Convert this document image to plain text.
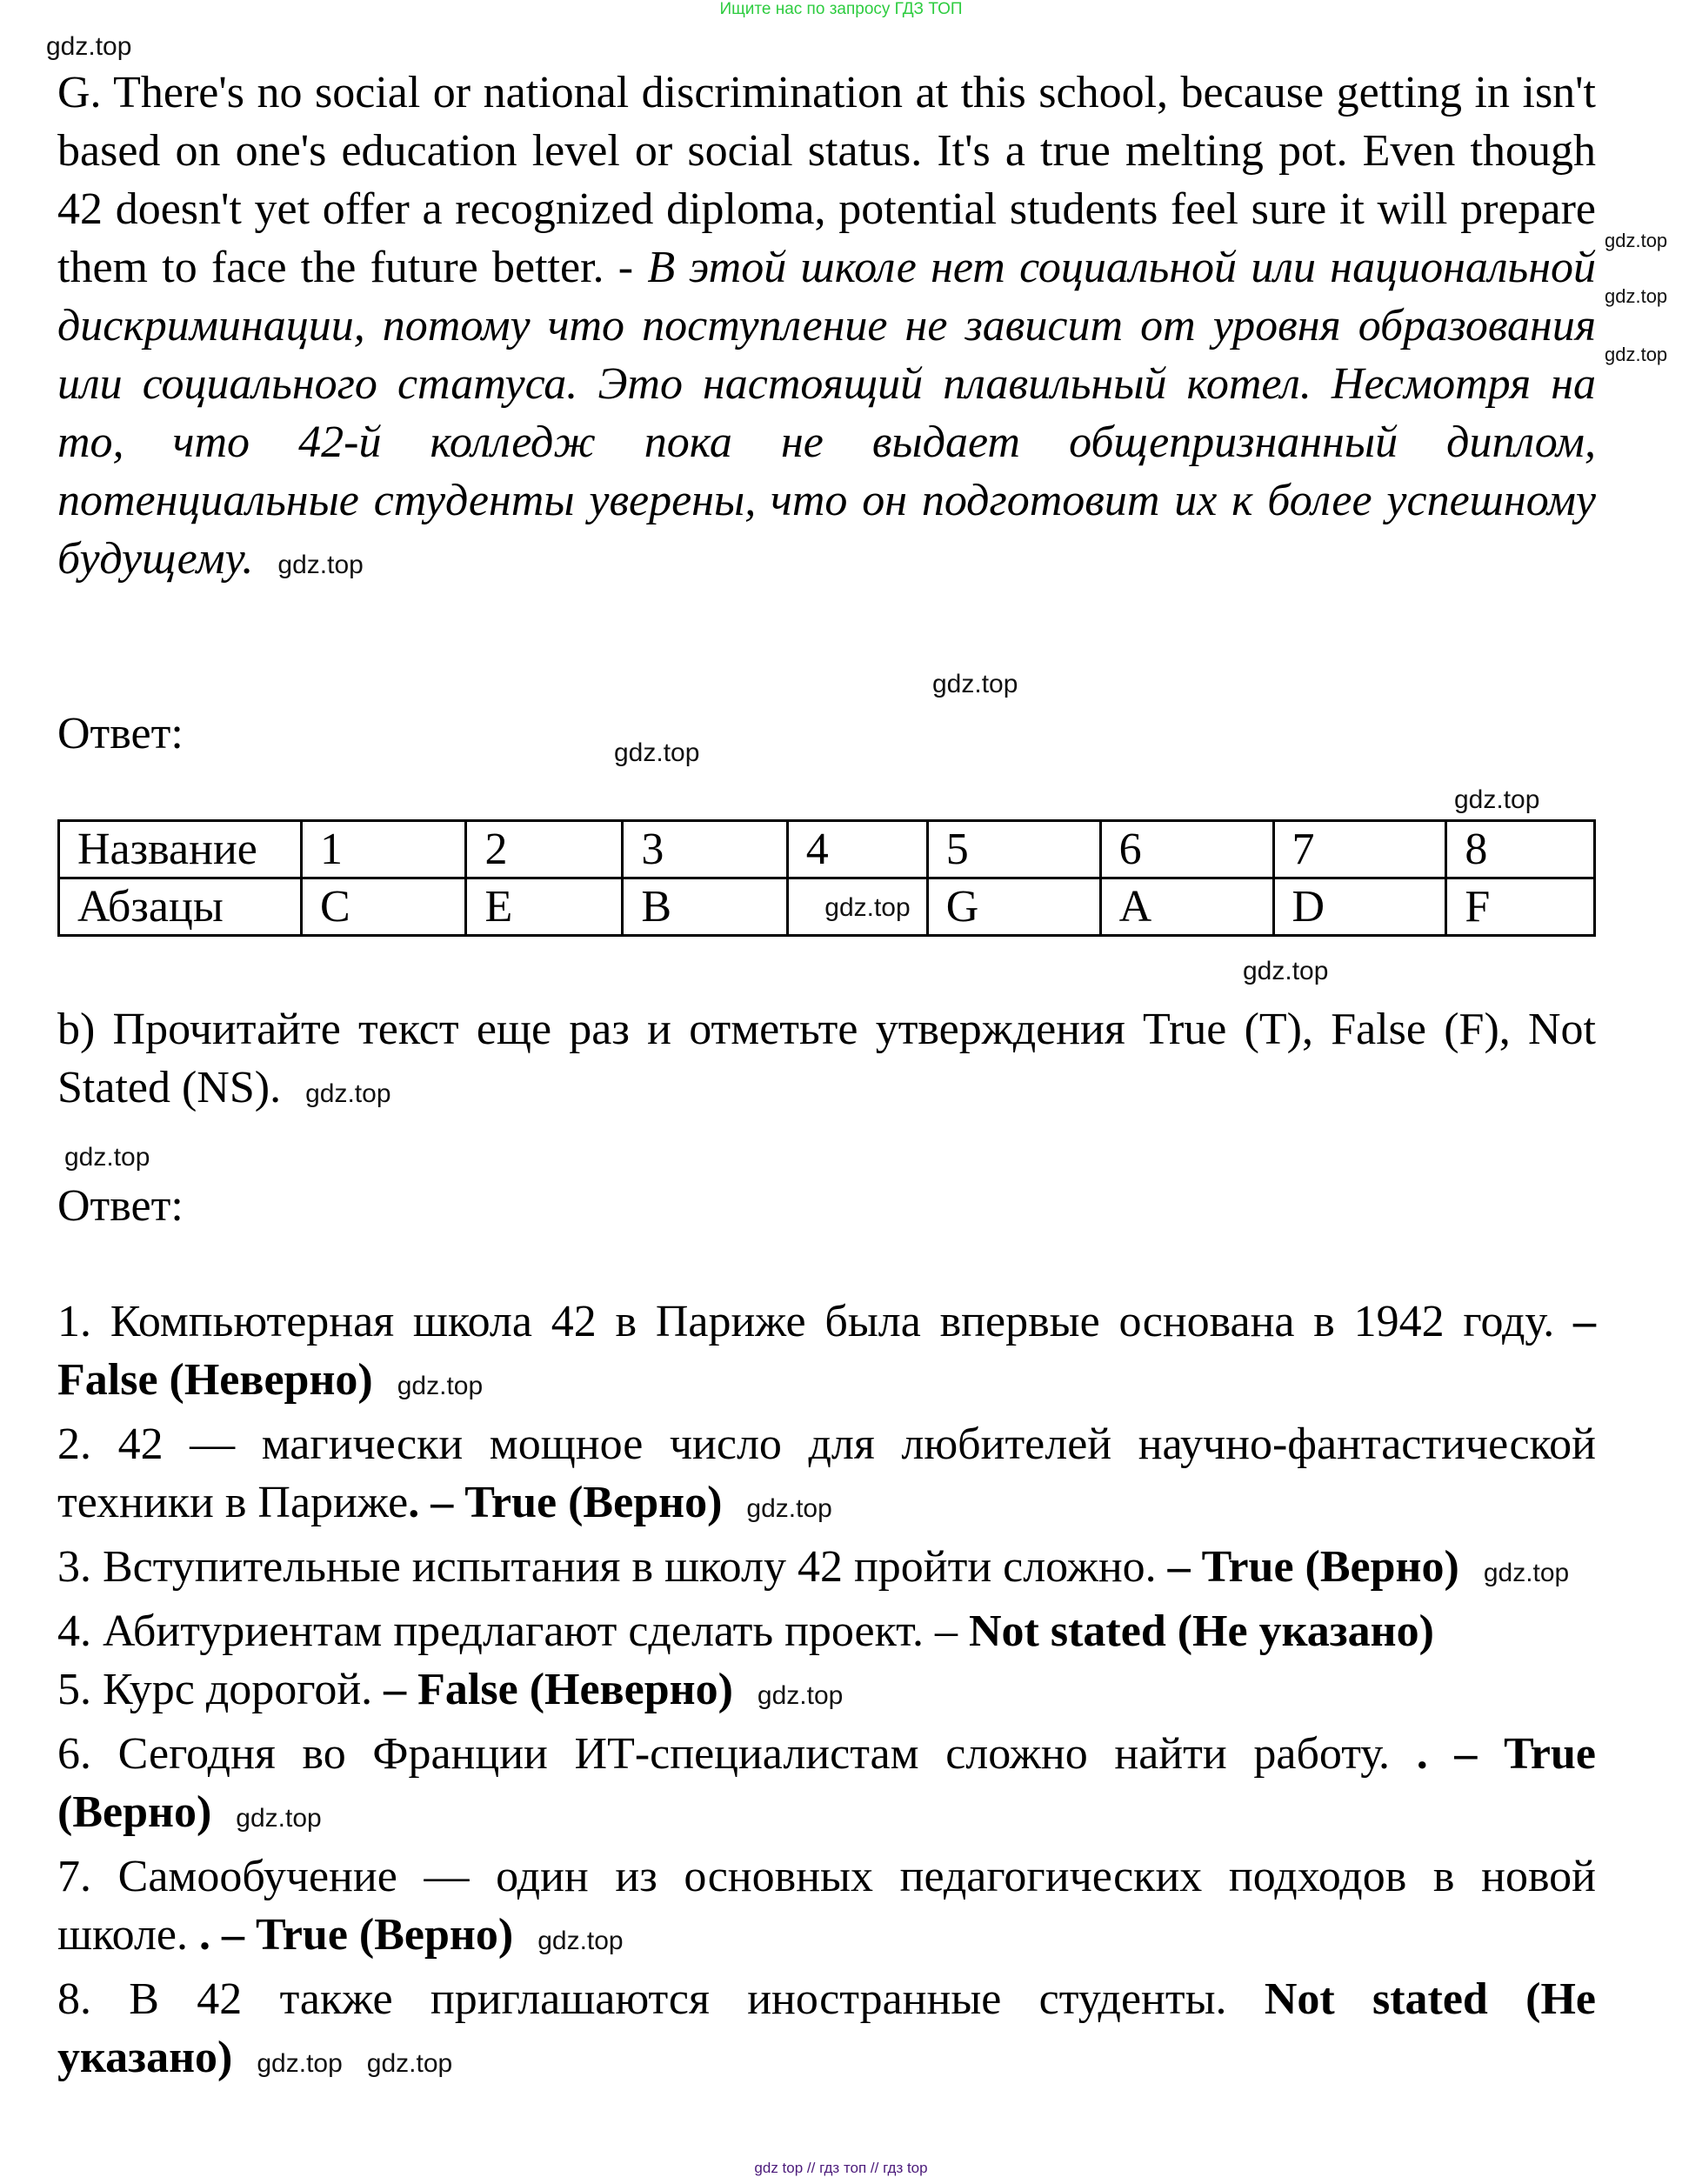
Ищите нас по запросу ГДЗ ТОП
G. There's no social or national discrimination at this school, because getting in isn't based on one's education level or social status. It's a true melting pot. Even though 42 doesn't yet offer a recognized diploma, potential students feel sure it will prepare them to face the future better. - В этой школе нет социальной или национальной дискриминации, потому что поступление не зависит от уровня образования или социального статуса. Это настоящий плавильный котел. Несмотря на то, что 42-й колледж пока не выдает общепризнанный диплом, потенциальные студенты уверены, что он подготовит их к более успешному будущему. gdz.top
Ответ:
Название	1	2	3	4	5	6	7	8
Абзацы	C	E	B	gdz.top	G	A	D	F
b) Прочитайте текст еще раз и отметьте утверждения True (T), False (F), Not Stated (NS). gdz.top
Ответ:

1. Компьютерная школа 42 в Париже была впервые основана в 1942 году. – False (Неверно) gdz.top

2. 42 — магически мощное число для любителей научно-фантастической техники в Париже. – True (Верно) gdz.top

3. Вступительные испытания в школу 42 пройти сложно. – True (Верно) gdz.top

4. Абитуриентам предлагают сделать проект. – Not stated (Не указано)

5. Курс дорогой. – False (Неверно) gdz.top

6. Сегодня во Франции ИТ-специалистам сложно найти работу. . – True (Верно) gdz.top

7. Самообучение — один из основных педагогических подходов в новой школе. . – True (Верно) gdz.top

8. В 42 также приглашаются иностранные студенты. Not stated (Не указано) gdz.top gdz.top

gdz.top
gdz.top
gdz.top
gdz.top
gdz.top
gdz.top
gdz.top
gdz.top
gdz.top
gdz top // гдз топ // гдз top
